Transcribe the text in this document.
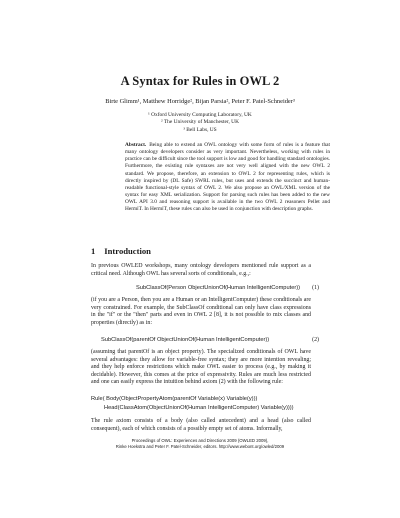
A Syntax for Rules in OWL 2
Birte Glimm¹, Matthew Horridge², Bijan Parsia², Peter F. Patel-Schneider³
¹ Oxford University Computing Laboratory, UK
² The University of Manchester, UK
³ Bell Labs, US
Abstract. Being able to extend an OWL ontology with some form of rules is a feature that many ontology developers consider as very important. Nevertheless, working with rules in practice can be difficult since the tool support is low and good for handling standard ontologies. Furthermore, the existing rule syntaxes are not very well aligned with the new OWL 2 standard. We propose, therefore, an extension to OWL 2 for representing rules, which is directly inspired by (DL Safe) SWRL rules, but uses and extends the succinct and human-readable functional-style syntax of OWL 2. We also propose an OWL/XML version of the syntax for easy XML serialization. Support for parsing such rules has been added to the new OWL API 3.0 and reasoning support is available in the two OWL 2 reasoners Pellet and HermiT. In HermiT, these rules can also be used in conjunction with description graphs.
1 Introduction
In previous OWLED workshops, many ontology developers mentioned rule support as a critical need. Although OWL has several sorts of conditionals, e.g.,:
SubClassOf(Person ObjectUnionOf(Human IntelligentComputer)) (1)
(if you are a Person, then you are a Human or an IntelligentComputer) these conditionals are very constrained. For example, the SubClassOf conditional can only have class expressions in the "if" or the "then" parts and even in OWL 2 [8], it is not possible to mix classes and properties (directly) as in:
SubClassOf(parentOf ObjectUnionOf(Human IntelligentComputer))	(2)
(assuming that parentOf is an object property). The specialized conditionals of OWL have several advantages: they allow for variable-free syntax; they are more intention revealing; and they help enforce restrictions which make OWL easier to process (e.g., by making it decidable). However, this comes at the price of expressivity. Rules are much less restricted and one can easily express the intuition behind axiom (2) with the following rule:
Rule( Body(ObjectPropertyAtom(parentOf Variable(x) Variable(y)))
Head(ClassAtom(ObjectUnionOf(Human IntelligentComputer) Variable(y))))
The rule axiom consists of a body (also called antecedent) and a head (also called consequent), each of which consists of a possibly empty set of atoms. Informally,
Proceedings of OWL: Experiences and Directions 2009 (OWLED 2009),
Rinke Hoekstra and Peter F. Patel-Schneider, editors. http://www.webont.org/owled/2009
